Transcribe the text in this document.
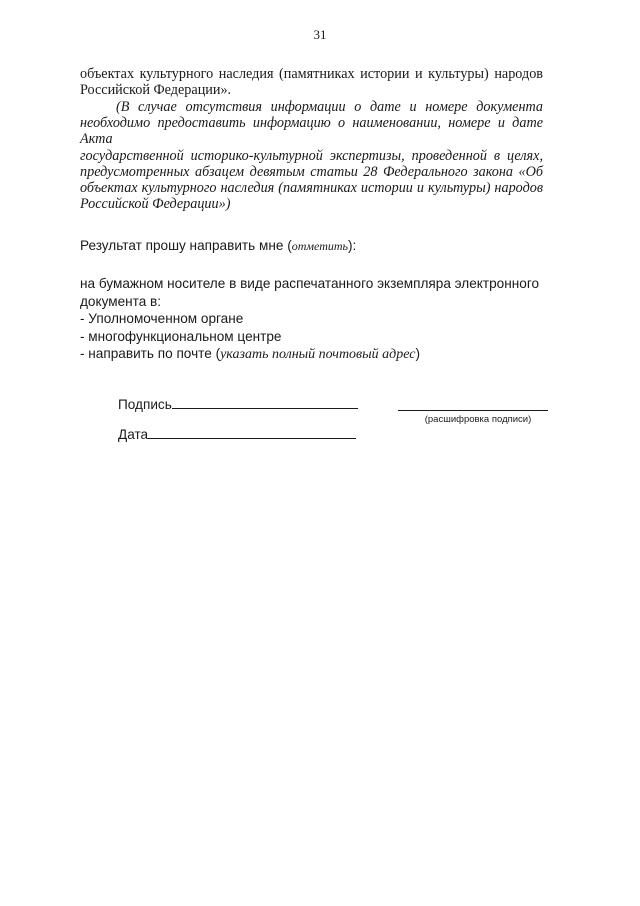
31
объектах культурного наследия (памятниках истории и культуры) народов
Российской Федерации».
(В случае отсутствия информации о дате и номере документа
необходимо предоставить информацию о наименовании, номере и дате Акта
государственной историко-культурной экспертизы, проведенной в целях,
предусмотренных абзацем девятым статьи 28 Федерального закона «Об
объектах культурного наследия (памятниках истории и культуры) народов
Российской Федерации»)
Результат прошу направить мне (отметить):
на бумажном носителе в виде распечатанного экземпляра электронного
документа в:
- Уполномоченном органе
- многофункциональном центре
- направить по почте (указать полный почтовый адрес)
Подпись
(расшифровка подписи)
Дата
